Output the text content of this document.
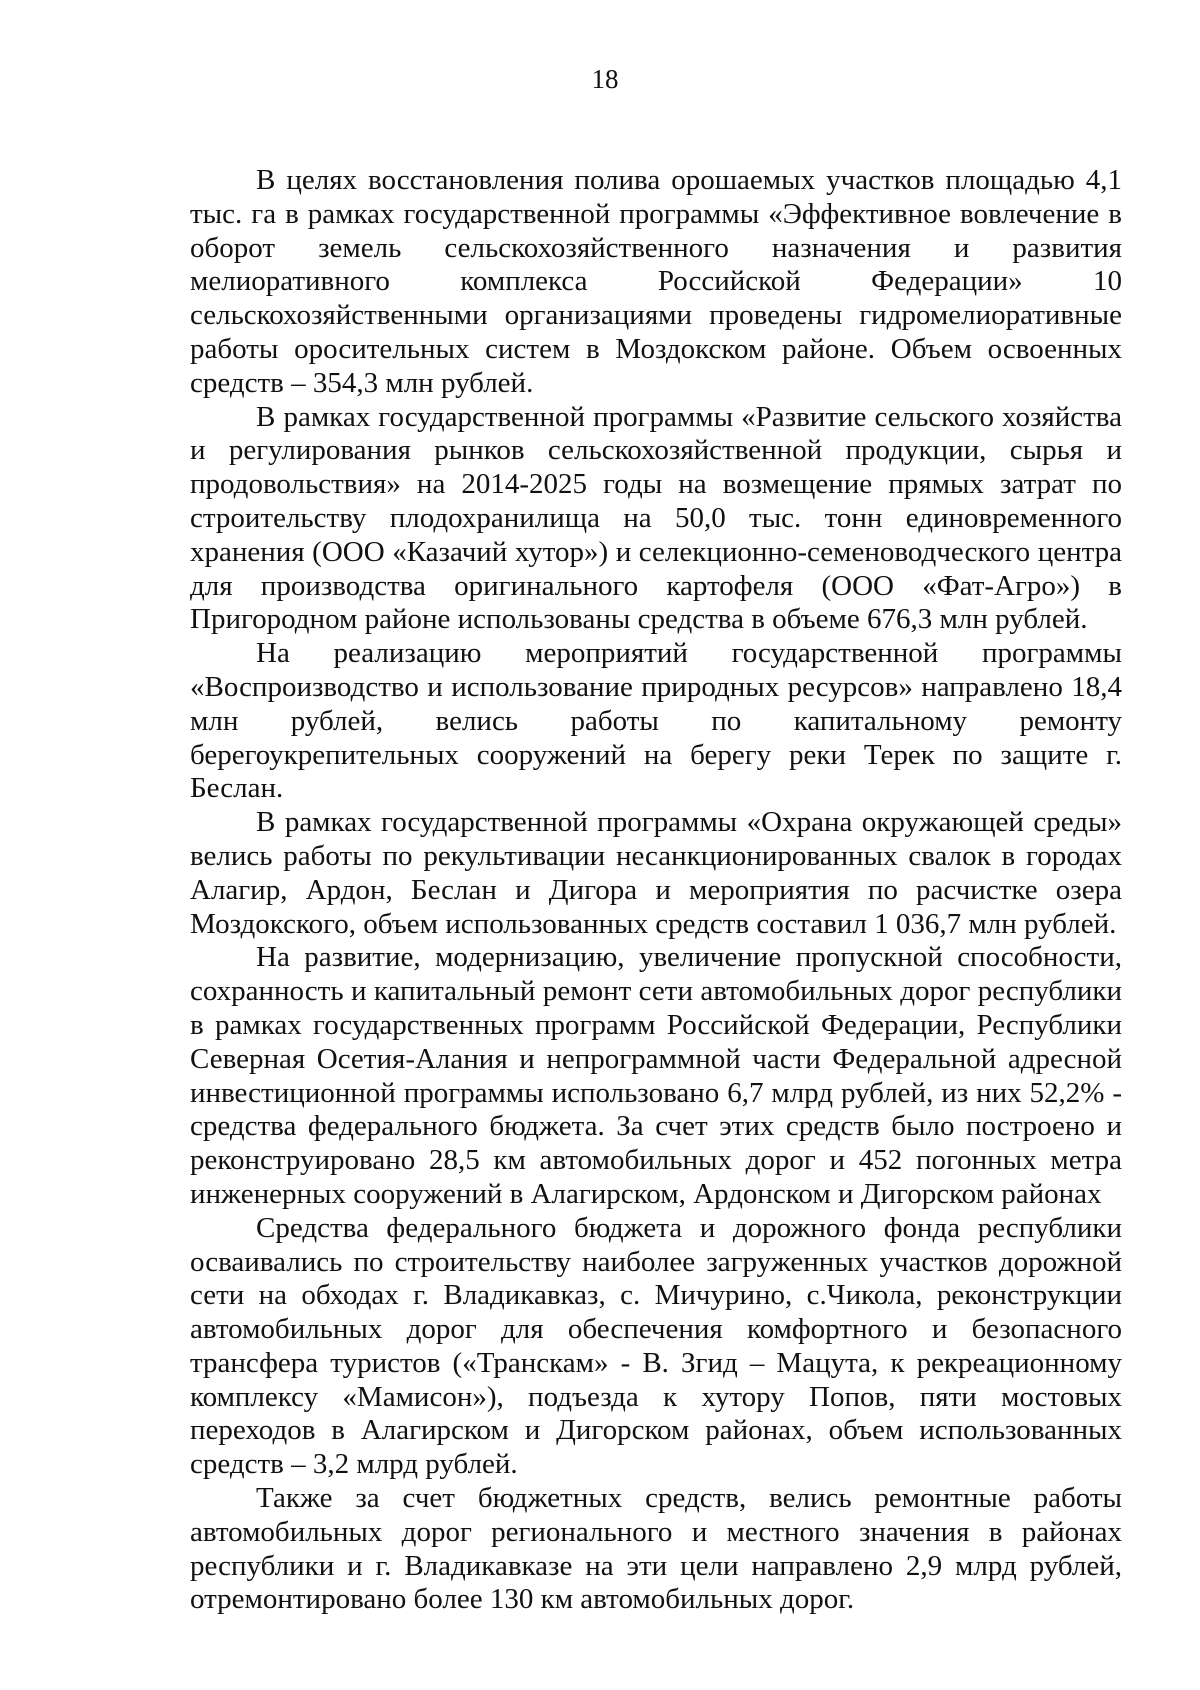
18

В целях восстановления полива орошаемых участков площадью 4,1 тыс. га в рамках государственной программы «Эффективное вовлечение в оборот земель сельскохозяйственного назначения и развития мелиоративного комплекса Российской Федерации» 10 сельскохозяйственными организациями проведены гидромелиоративные работы оросительных систем в Моздокском районе. Объем освоенных средств – 354,3 млн рублей.

В рамках государственной программы «Развитие сельского хозяйства и регулирования рынков сельскохозяйственной продукции, сырья и продовольствия» на 2014-2025 годы на возмещение прямых затрат по строительству плодохранилища на 50,0 тыс. тонн единовременного хранения (ООО «Казачий хутор») и селекционно-семеноводческого центра для производства оригинального картофеля (ООО «Фат-Агро») в Пригородном районе использованы средства в объеме 676,3 млн рублей.

На реализацию мероприятий государственной программы «Воспроизводство и использование природных ресурсов» направлено 18,4 млн рублей, велись работы по капитальному ремонту берегоукрепительных сооружений на берегу реки Терек по защите г. Беслан.

В рамках государственной программы «Охрана окружающей среды» велись работы по рекультивации несанкционированных свалок в городах Алагир, Ардон, Беслан и Дигора и мероприятия по расчистке озера Моздокского, объем использованных средств составил 1 036,7 млн рублей.

На развитие, модернизацию, увеличение пропускной способности, сохранность и капитальный ремонт сети автомобильных дорог республики в рамках государственных программ Российской Федерации, Республики Северная Осетия-Алания и непрограммной части Федеральной адресной инвестиционной программы использовано 6,7 млрд рублей, из них 52,2% - средства федерального бюджета. За счет этих средств было построено и реконструировано 28,5 км автомобильных дорог и 452 погонных метра инженерных сооружений в Алагирском, Ардонском и Дигорском районах

Средства федерального бюджета и дорожного фонда республики осваивались по строительству наиболее загруженных участков дорожной сети на обходах г. Владикавказ, с. Мичурино, с.Чикола, реконструкции автомобильных дорог для обеспечения комфортного и безопасного трансфера туристов («Транскам» - В. Згид – Мацута, к рекреационному комплексу «Мамисон»), подъезда к хутору Попов, пяти мостовых переходов в Алагирском и Дигорском районах, объем использованных средств – 3,2 млрд рублей.

Также за счет бюджетных средств, велись ремонтные работы автомобильных дорог регионального и местного значения в районах республики и г. Владикавказе на эти цели направлено 2,9 млрд рублей, отремонтировано более 130 км автомобильных дорог.
